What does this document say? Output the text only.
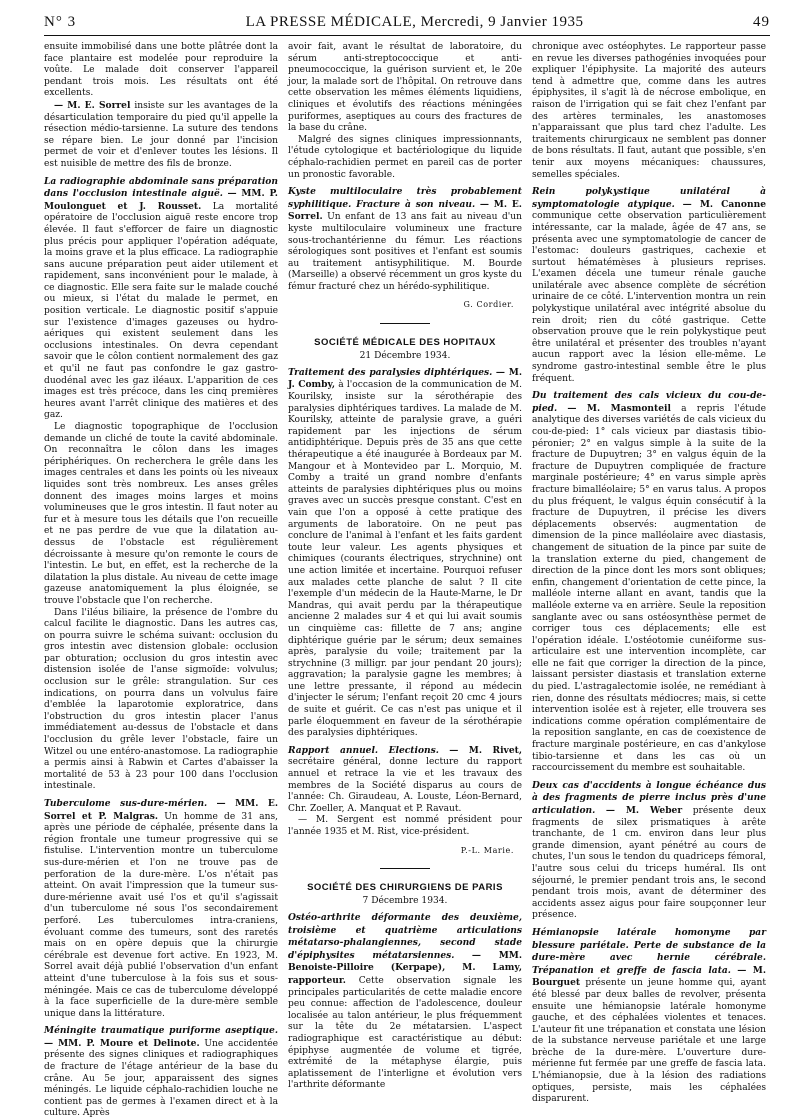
N° 3	LA PRESSE MÉDICALE, Mercredi, 9 Janvier 1935	49

ensuite immobilisé dans une botte plâtrée dont la face plantaire est modelée pour reproduire la voûte. Le malade doit conserver l'appareil pendant trois mois. Les résultats ont été excellents.

— M. E. Sorrel insiste sur les avantages de la désarticulation temporaire du pied qu'il appelle la résection médio-tarsienne. La suture des tendons se répare bien. Le jour donné par l'incision permet de voir et d'enlever toutes les lésions. Il est nuisible de mettre des fils de bronze.

La radiographie abdominale sans préparation dans l'occlusion intestinale aiguë. — MM. P. Moulonguet et J. Rousset. La mortalité opératoire de l'occlusion aiguë reste encore trop élevée. Il faut s'efforcer de faire un diagnostic plus précis pour appliquer l'opération adéquate, la moins grave et la plus efficace. La radiographie sans aucune préparation peut aider utilement et rapidement, sans inconvénient pour le malade, à ce diagnostic. Elle sera faite sur le malade couché ou mieux, si l'état du malade le permet, en position verticale. Le diagnostic positif s'appuie sur l'existence d'images gazeuses ou hydro-aériques qui existent seulement dans les occlusions intestinales. On devra cependant savoir que le côlon contient normalement des gaz et qu'il ne faut pas confondre le gaz gastro-duodénal avec les gaz iléaux. L'apparition de ces images est très précoce, dans les cinq premières heures avant l'arrêt clinique des matières et des gaz.

Le diagnostic topographique de l'occlusion demande un cliché de toute la cavité abdominale. On reconnaîtra le côlon dans les images périphériques. On recherchera le grêle dans les images centrales et dans les points où les niveaux liquides sont très nombreux. Les anses grêles donnent des images moins larges et moins volumineuses que le gros intestin. Il faut noter au fur et à mesure tous les détails que l'on recueille et ne pas perdre de vue que la dilatation au-dessus de l'obstacle est régulièrement décroissante à mesure qu'on remonte le cours de l'intestin. Le but, en effet, est la recherche de la dilatation la plus distale. Au niveau de cette image gazeuse anatomiquement la plus éloignée, se trouve l'obstacle que l'on recherche.

Dans l'iléus biliaire, la présence de l'ombre du calcul facilite le diagnostic. Dans les autres cas, on pourra suivre le schéma suivant: occlusion du gros intestin avec distension globale: occlusion par obturation; occlusion du gros intestin avec distension isolée de l'anse sigmoïde: volvulus; occlusion sur le grêle: strangulation. Sur ces indications, on pourra dans un volvulus faire d'emblée la laparotomie exploratrice, dans l'obstruction du gros intestin placer l'anus immédiatement au-dessus de l'obstacle et dans l'occlusion du grêle lever l'obstacle, faire un Witzel ou une entéro-anastomose. La radiographie a permis ainsi à Rabwin et Cartes d'abaisser la mortalité de 53 à 23 pour 100 dans l'occlusion intestinale.

Tuberculome sus-dure-mérien. — MM. E. Sorrel et P. Malgras. Un homme de 31 ans, après une période de céphalée, présente dans la région frontale une tumeur progressive qui se fistulise. L'intervention montre un tuberculome sus-dure-mérien et l'on ne trouve pas de perforation de la dure-mère. L'os n'était pas atteint. On avait l'impression que la tumeur sus-dure-mérienne avait usé l'os et qu'il s'agissait d'un tuberculome né sous l'os secondairement perforé. Les tuberculomes intra-craniens, évoluant comme des tumeurs, sont des raretés mais on en opère depuis que la chirurgie cérébrale est devenue fort active. En 1923, M. Sorrel avait déjà publié l'observation d'un enfant atteint d'une tuberculose à la fois sus et sous-méningée. Mais ce cas de tuberculome développé à la face superficielle de la dure-mère semble unique dans la littérature.

Méningite traumatique puriforme aseptique. — MM. P. Moure et Delinote. Une accidentée présente des signes cliniques et radiographiques de fracture de l'étage antérieur de la base du crâne. Au 5e jour, apparaissent des signes méningés. Le liquide céphalo-rachidien louche ne contient pas de germes à l'examen direct et à la culture. Après

avoir fait, avant le résultat de laboratoire, du sérum anti-streptococcique et anti-pneumococcique, la guérison survient et, le 20e jour, la malade sort de l'hôpital. On retrouve dans cette observation les mêmes éléments liquidiens, cliniques et évolutifs des réactions méningées puriformes, aseptiques au cours des fractures de la base du crâne.

Malgré des signes cliniques impressionnants, l'étude cytologique et bactériologique du liquide céphalo-rachidien permet en pareil cas de porter un pronostic favorable.

Kyste multiloculaire très probablement syphilitique. Fracture à son niveau. — M. E. Sorrel. Un enfant de 13 ans fait au niveau d'un kyste multiloculaire volumineux une fracture sous-trochantérienne du fémur. Les réactions sérologiques sont positives et l'enfant est soumis au traitement antisyphilitique. M. Bourde (Marseille) a observé récemment un gros kyste du fémur fracturé chez un hérédo-syphilitique.

G. Cordier.
SOCIÉTÉ MÉDICALE DES HOPITAUX
21 Décembre 1934.

Traitement des paralysies diphtériques. — M. J. Comby, à l'occasion de la communication de M. Kourilsky, insiste sur la sérothérapie des paralysies diphtériques tardives. La malade de M. Kourilsky, atteinte de paralysie grave, a guéri rapidement par les injections de sérum antidiphtérique. Depuis près de 35 ans que cette thérapeutique a été inaugurée à Bordeaux par M. Mangour et à Montevideo par L. Morquio, M. Comby a traité un grand nombre d'enfants atteints de paralysies diphtériques plus ou moins graves avec un succès presque constant. C'est en vain que l'on a opposé à cette pratique des arguments de laboratoire. On ne peut pas conclure de l'animal à l'enfant et les faits gardent toute leur valeur. Les agents physiques et chimiques (courants électriques, strychnine) ont une action limitée et incertaine. Pourquoi refuser aux malades cette planche de salut ? Il cite l'exemple d'un médecin de la Haute-Marne, le Dr Mandras, qui avait perdu par la thérapeutique ancienne 2 malades sur 4 et qui lui avait soumis un cinquième cas: fillette de 7 ans; angine diphtérique guérie par le sérum; deux semaines après, paralysie du voile; traitement par la strychnine (3 milligr. par jour pendant 20 jours); aggravation; la paralysie gagne les membres; à une lettre pressante, il répond au médecin d'injecter le sérum; l'enfant reçoit 20 cmc 4 jours de suite et guérit. Ce cas n'est pas unique et il parle éloquemment en faveur de la sérothérapie des paralysies diphtériques.

Rapport annuel. Elections. — M. Rivet, secrétaire général, donne lecture du rapport annuel et retrace la vie et les travaux des membres de la Société disparus au cours de l'année: Ch. Giraudeau, A. Louste, Léon-Bernard, Chr. Zoeller, A. Manquat et P. Ravaut.

— M. Sergent est nommé président pour l'année 1935 et M. Rist, vice-président.

P.-L. Marie.
SOCIÉTÉ DES CHIRURGIENS DE PARIS
7 Décembre 1934.

Ostéo-arthrite déformante des deuxième, troisième et quatrième articulations métatarso-phalangiennes, second stade d'épiphysites métatarsiennes. — MM. Benoiste-Pilloire (Kerpape), M. Lamy, rapporteur. Cette observation signale les principales particularités de cette maladie encore peu connue: affection de l'adolescence, douleur localisée au talon antérieur, le plus fréquemment sur la tête du 2e métatarsien. L'aspect radiographique est caractéristique au début: épiphyse augmentée de volume et tigrée, extrémité de la métaphyse élargie, puis aplatissement de l'interligne et évolution vers l'arthrite déformante

chronique avec ostéophytes. Le rapporteur passe en revue les diverses pathogénies invoquées pour expliquer l'épiphysite. La majorité des auteurs tend à admettre que, comme dans les autres épiphysites, il s'agit là de nécrose embolique, en raison de l'irrigation qui se fait chez l'enfant par des artères terminales, les anastomoses n'apparaissant que plus tard chez l'adulte. Les traitements chirurgicaux ne semblent pas donner de bons résultats. Il faut, autant que possible, s'en tenir aux moyens mécaniques: chaussures, semelles spéciales.

Rein polykystique unilatéral à symptomatologie atypique. — M. Canonne communique cette observation particulièrement intéressante, car la malade, âgée de 47 ans, se présenta avec une symptomatologie de cancer de l'estomac: douleurs gastriques, cachexie et surtout hématémèses à plusieurs reprises. L'examen décela une tumeur rénale gauche unilatérale avec absence complète de sécrétion urinaire de ce côté. L'intervention montra un rein polykystique unilatéral avec intégrité absolue du rein droit; rien du côté gastrique. Cette observation prouve que le rein polykystique peut être unilatéral et présenter des troubles n'ayant aucun rapport avec la lésion elle-même. Le syndrome gastro-intestinal semble être le plus fréquent.

Du traitement des cals vicieux du cou-de-pied. — M. Masmonteil a repris l'étude analytique des diverses variétés de cals vicieux du cou-de-pied: 1° cals vicieux par diastasis tibio-péronier; 2° en valgus simple à la suite de la fracture de Dupuytren; 3° en valgus équin de la fracture de Dupuytren compliquée de fracture marginale postérieure; 4° en varus simple après fracture bimalléolaire; 5° en varus talus. A propos du plus fréquent, le valgus équin consécutif à la fracture de Dupuytren, il précise les divers déplacements observés: augmentation de dimension de la pince malléolaire avec diastasis, changement de situation de la pince par suite de la translation externe du pied, changement de direction de la pince dont les mors sont obliques; enfin, changement d'orientation de cette pince, la malléole interne allant en avant, tandis que la malléole externe va en arrière. Seule la reposition sanglante avec ou sans ostéosynthèse permet de corriger tous ces déplacements; elle est l'opération idéale. L'ostéotomie cunéiforme sus-articulaire est une intervention incomplète, car elle ne fait que corriger la direction de la pince, laissant persister diastasis et translation externe du pied. L'astragalectomie isolée, ne remédiant à rien, donne des résultats médiocres; mais, si cette intervention isolée est à rejeter, elle trouvera ses indications comme opération complémentaire de la reposition sanglante, en cas de coexistence de fracture marginale postérieure, en cas d'ankylose tibio-tarsienne et dans les cas où un raccourcissement du membre est souhaitable.

Deux cas d'accidents à longue échéance dus à des fragments de pierre inclus près d'une articulation. — M. Weber présente deux fragments de silex prismatiques à arête tranchante, de 1 cm. environ dans leur plus grande dimension, ayant pénétré au cours de chutes, l'un sous le tendon du quadriceps fémoral, l'autre sous celui du triceps huméral. Ils ont séjourné, le premier pendant trois ans, le second pendant trois mois, avant de déterminer des accidents assez aigus pour faire soupçonner leur présence.

Hémianopsie latérale homonyme par blessure pariétale. Perte de substance de la dure-mère avec hernie cérébrale. Trépanation et greffe de fascia lata. — M. Bourguet présente un jeune homme qui, ayant été blessé par deux balles de revolver, présenta ensuite une hémianopsie latérale homonyme gauche, et des céphalées violentes et tenaces. L'auteur fit une trépanation et constata une lésion de la substance nerveuse pariétale et une large brèche de la dure-mère. L'ouverture dure-mérienne fut fermée par une greffe de fascia lata. L'hémianopsie, due à la lésion des radiations optiques, persiste, mais les céphalées disparurent.
